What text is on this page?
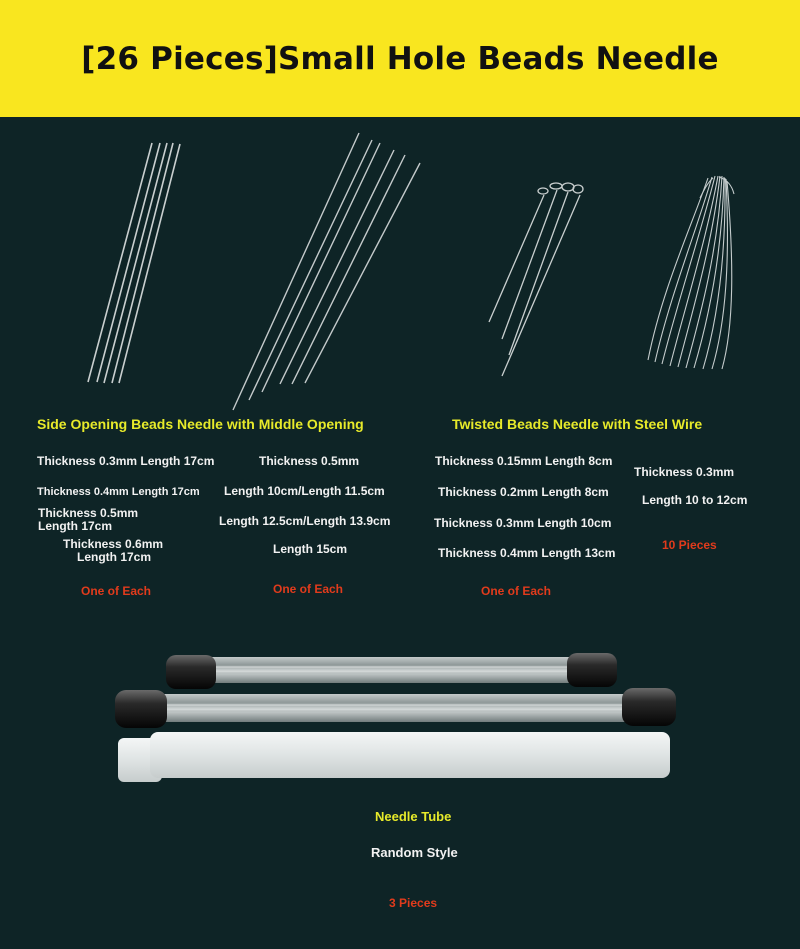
[26 Pieces]Small Hole Beads Needle

Side Opening Beads Needle with Middle Opening

Thickness 0.3mm Length 17cm

Thickness 0.4mm Length 17cm

Thickness 0.5mm

Length 17cm

Thickness 0.6mm

Length 17cm

Thickness 0.5mm

Length 10cm/Length 11.5cm

Length 12.5cm/Length 13.9cm

Length 15cm

One of Each	One of Each

Twisted Beads Needle with Steel Wire

Thickness 0.15mm Length 8cm

Thickness 0.2mm Length 8cm

Thickness 0.3mm Length 10cm

Thickness 0.4mm Length 13cm

Thickness 0.3mm

Length 10 to 12cm

One of Each

10 Pieces

Needle Tube

Random Style

3 Pieces
